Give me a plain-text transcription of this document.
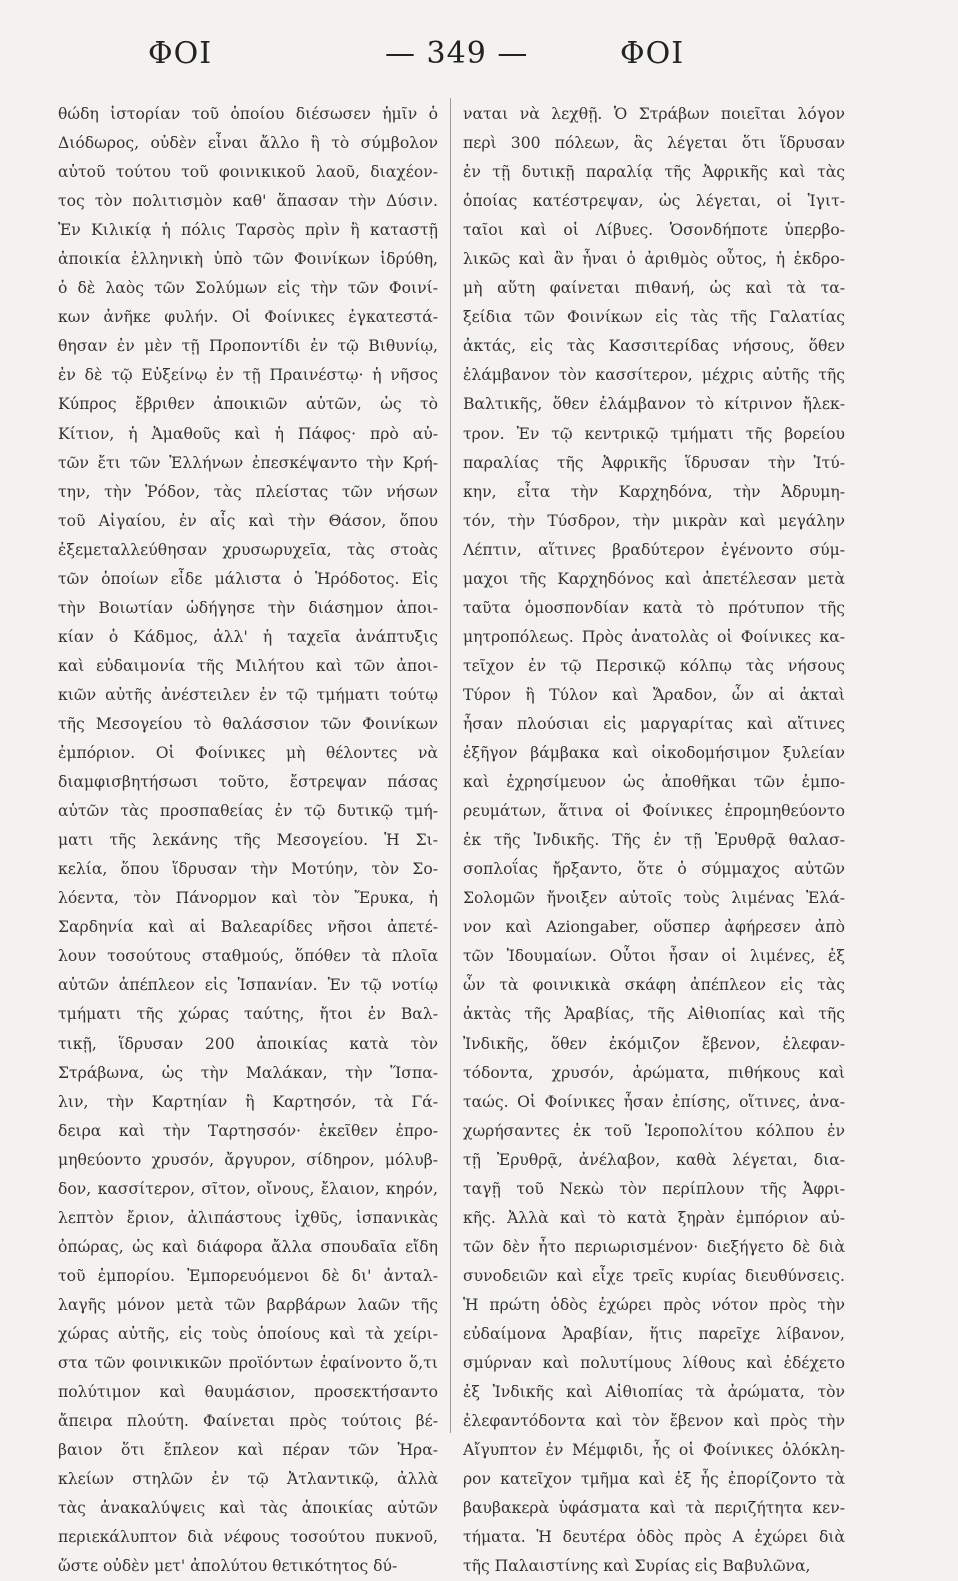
ΦΟΙ	— 349 —	ΦΟΙ
θώδη ἱστορίαν τοῦ ὁποίου διέσωσεν ἡμῖν ὁ
Διόδωρος, οὐδὲν εἶναι ἄλλο ἢ τὸ σύμβολον
αὐτοῦ τούτου τοῦ φοινικικοῦ λαοῦ, διαχέον-
τος τὸν πολιτισμὸν καθ' ἅπασαν τὴν Δύσιν.
Ἐν Κιλικίᾳ ἡ πόλις Ταρσὸς πρὶν ἢ καταστῇ
ἀποικία ἑλληνικὴ ὑπὸ τῶν Φοινίκων ἱδρύθη,
ὁ δὲ λαὸς τῶν Σολύμων εἰς τὴν τῶν Φοινί-
κων ἀνῆκε φυλήν. Οἱ Φοίνικες ἐγκατεστά-
θησαν ἐν μὲν τῇ Προποντίδι ἐν τῷ Βιθυνίῳ,
ἐν δὲ τῷ Εὐξείνῳ ἐν τῇ Πραινέστῳ· ἡ νῆσος
Κύπρος ἔβριθεν ἀποικιῶν αὐτῶν, ὡς τὸ
Κίτιον, ἡ Ἀμαθοῦς καὶ ἡ Πάφος· πρὸ αὐ-
τῶν ἔτι τῶν Ἑλλήνων ἐπεσκέψαντο τὴν Κρή-
την, τὴν Ῥόδον, τὰς πλείστας τῶν νήσων
τοῦ Αἰγαίου, ἐν αἷς καὶ τὴν Θάσον, ὅπου
ἐξεμεταλλεύθησαν χρυσωρυχεῖα, τὰς στοὰς
τῶν ὁποίων εἶδε μάλιστα ὁ Ἡρόδοτος. Εἰς
τὴν Βοιωτίαν ὡδήγησε τὴν διάσημον ἀποι-
κίαν ὁ Κάδμος, ἀλλ' ἡ ταχεῖα ἀνάπτυξις
καὶ εὐδαιμονία τῆς Μιλήτου καὶ τῶν ἀποι-
κιῶν αὐτῆς ἀνέστειλεν ἐν τῷ τμήματι τούτῳ
τῆς Μεσογείου τὸ θαλάσσιον τῶν Φοινίκων
ἐμπόριον. Οἱ Φοίνικες μὴ θέλοντες νὰ
διαμφισβητήσωσι τοῦτο, ἔστρεψαν πάσας
αὐτῶν τὰς προσπαθείας ἐν τῷ δυτικῷ τμή-
ματι τῆς λεκάνης τῆς Μεσογείου. Ἡ Σι-
κελία, ὅπου ἵδρυσαν τὴν Μοτύην, τὸν Σο-
λόεντα, τὸν Πάνορμον καὶ τὸν Ἔρυκα, ἡ
Σαρδηνία καὶ αἱ Βαλεαρίδες νῆσοι ἀπετέ-
λουν τοσούτους σταθμούς, ὅπόθεν τὰ πλοῖα
αὐτῶν ἀπέπλεον εἰς Ἱσπανίαν. Ἐν τῷ νοτίῳ
τμήματι τῆς χώρας ταύτης, ἤτοι ἐν Βαλ-
τικῇ, ἵδρυσαν 200 ἀποικίας κατὰ τὸν
Στράβωνα, ὡς τὴν Μαλάκαν, τὴν Ἵσπα-
λιν, τὴν Καρτηίαν ἢ Καρτησόν, τὰ Γά-
δειρα καὶ τὴν Ταρτησσόν· ἐκεῖθεν ἐπρο-
μηθεύοντο χρυσόν, ἄργυρον, σίδηρον, μόλυβ-
δον, κασσίτερον, σῖτον, οἴνους, ἔλαιον, κηρόν,
λεπτὸν ἔριον, ἀλιπάστους ἰχθῦς, ἱσπανικὰς
ὀπώρας, ὡς καὶ διάφορα ἄλλα σπουδαῖα εἴδη
τοῦ ἐμπορίου. Ἐμπορευόμενοι δὲ δι' ἀνταλ-
λαγῆς μόνον μετὰ τῶν βαρβάρων λαῶν τῆς
χώρας αὐτῆς, εἰς τοὺς ὁποίους καὶ τὰ χείρι-
στα τῶν φοινικικῶν προϊόντων ἐφαίνοντο ὅ,τι
πολύτιμον καὶ θαυμάσιον, προσεκτήσαντο
ἄπειρα πλούτη. Φαίνεται πρὸς τούτοις βέ-
βαιον ὅτι ἔπλεον καὶ πέραν τῶν Ἡρα-
κλείων στηλῶν ἐν τῷ Ἀτλαντικῷ, ἀλλὰ
τὰς ἀνακαλύψεις καὶ τὰς ἀποικίας αὐτῶν
περιεκάλυπτον διὰ νέφους τοσούτου πυκνοῦ,
ὥστε οὐδὲν μετ' ἀπολύτου θετικότητος δύ-
ναται νὰ λεχθῇ. Ὁ Στράβων ποιεῖται λόγον
περὶ 300 πόλεων, ἃς λέγεται ὅτι ἵδρυσαν
ἐν τῇ δυτικῇ παραλίᾳ τῆς Ἀφρικῆς καὶ τὰς
ὁποίας κατέστρεψαν, ὡς λέγεται, οἱ Ἰγιτ-
ταῖοι καὶ οἱ Λίβυες. Ὁσονδήποτε ὑπερβο-
λικῶς καὶ ἂν ἦναι ὁ ἀριθμὸς οὗτος, ἡ ἐκδρο-
μὴ αὕτη φαίνεται πιθανή, ὡς καὶ τὰ τα-
ξείδια τῶν Φοινίκων εἰς τὰς τῆς Γαλατίας
ἀκτάς, εἰς τὰς Κασσιτερίδας νήσους, ὅθεν
ἐλάμβανον τὸν κασσίτερον, μέχρις αὐτῆς τῆς
Βαλτικῆς, ὅθεν ἐλάμβανον τὸ κίτρινον ἤλεκ-
τρον. Ἐν τῷ κεντρικῷ τμήματι τῆς βορείου
παραλίας τῆς Ἀφρικῆς ἵδρυσαν τὴν Ἰτύ-
κην, εἶτα τὴν Καρχηδόνα, τὴν Ἀδρυμη-
τόν, τὴν Τύσδρον, τὴν μικρὰν καὶ μεγάλην
Λέπτιν, αἵτινες βραδύτερον ἐγένοντο σύμ-
μαχοι τῆς Καρχηδόνος καὶ ἀπετέλεσαν μετὰ
ταῦτα ὁμοσπονδίαν κατὰ τὸ πρότυπον τῆς
μητροπόλεως. Πρὸς ἀνατολὰς οἱ Φοίνικες κα-
τεῖχον ἐν τῷ Περσικῷ κόλπῳ τὰς νήσους
Τύρον ἢ Τύλον καὶ Ἄραδον, ὧν αἱ ἀκταὶ
ἦσαν πλούσιαι εἰς μαργαρίτας καὶ αἵτινες
ἐξῆγον βάμβακα καὶ οἰκοδομήσιμον ξυλείαν
καὶ ἐχρησίμευον ὡς ἀποθῆκαι τῶν ἐμπο-
ρευμάτων, ἅτινα οἱ Φοίνικες ἐπρομηθεύοντο
ἐκ τῆς Ἰνδικῆς. Τῆς ἐν τῇ Ἐρυθρᾷ θαλασ-
σοπλοΐας ἤρξαντο, ὅτε ὁ σύμμαχος αὐτῶν
Σολομῶν ἤνοιξεν αὐτοῖς τοὺς λιμένας Ἐλά-
νον καὶ Aziongaber, οὕσπερ ἀφήρεσεν ἀπὸ
τῶν Ἰδουμαίων. Οὗτοι ἦσαν οἱ λιμένες, ἐξ
ὧν τὰ φοινικικὰ σκάφη ἀπέπλεον εἰς τὰς
ἀκτὰς τῆς Ἀραβίας, τῆς Αἰθιοπίας καὶ τῆς
Ἰνδικῆς, ὅθεν ἐκόμιζον ἔβενον, ἐλεφαν-
τόδοντα, χρυσόν, ἀρώματα, πιθήκους καὶ
ταώς. Οἱ Φοίνικες ἦσαν ἐπίσης, οἵτινες, ἀνα-
χωρήσαντες ἐκ τοῦ Ἱεροπολίτου κόλπου ἐν
τῇ Ἐρυθρᾷ, ἀνέλαβον, καθὰ λέγεται, δια-
ταγῇ τοῦ Νεκὼ τὸν περίπλουν τῆς Ἀφρι-
κῆς. Ἀλλὰ καὶ τὸ κατὰ ξηρὰν ἐμπόριον αὐ-
τῶν δὲν ἦτο περιωρισμένον· διεξήγετο δὲ διὰ
συνοδειῶν καὶ εἶχε τρεῖς κυρίας διευθύνσεις.
Ἡ πρώτη ὁδὸς ἐχώρει πρὸς νότον πρὸς τὴν
εὐδαίμονα Ἀραβίαν, ἥτις παρεῖχε λίβανον,
σμύρναν καὶ πολυτίμους λίθους καὶ ἐδέχετο
ἐξ Ἰνδικῆς καὶ Αἰθιοπίας τὰ ἀρώματα, τὸν
ἐλεφαντόδοντα καὶ τὸν ἔβενον καὶ πρὸς τὴν
Αἴγυπτον ἐν Μέμφιδι, ἧς οἱ Φοίνικες ὁλόκλη-
ρον κατεῖχον τμῆμα καὶ ἐξ ἧς ἐπορίζοντο τὰ
βαυβακερὰ ὑφάσματα καὶ τὰ περιζήτητα κεν-
τήματα. Ἡ δευτέρα ὁδὸς πρὸς Α ἐχώρει διὰ
τῆς Παλαιστίνης καὶ Συρίας εἰς Βαβυλῶνα,
